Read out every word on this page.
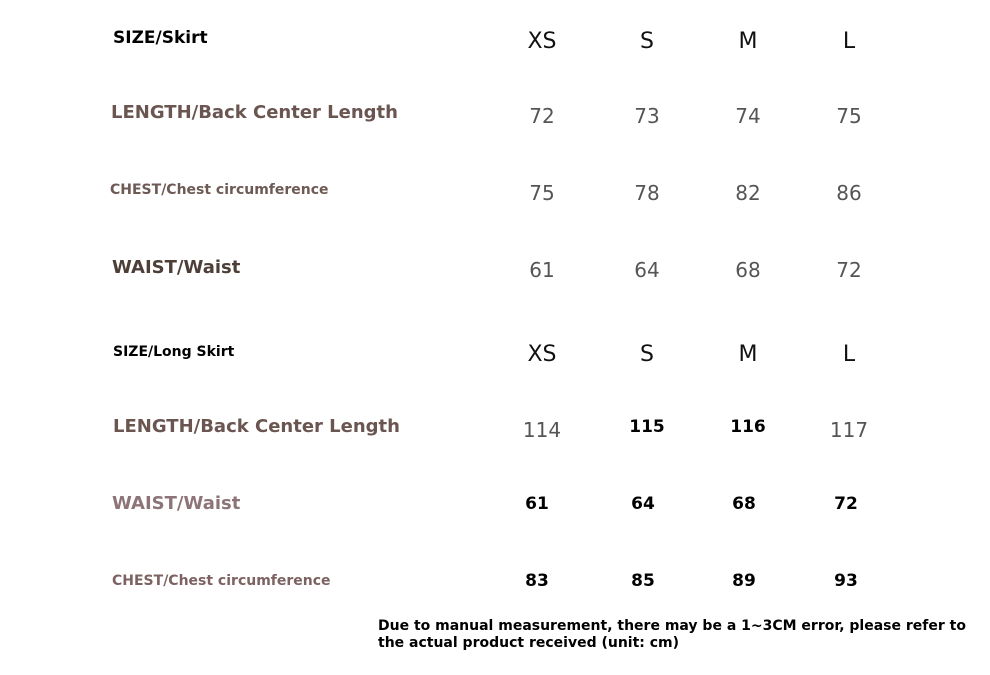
SIZE/Skirt	XS	S	M	L
LENGTH/Back Center Length	72	73	74	75
CHEST/Chest circumference	75	78	82	86
WAIST/Waist	61	64	68	72
SIZE/Long Skirt	XS	S	M	L
LENGTH/Back Center Length	114	115	116	117
WAIST/Waist	61	64	68	72
CHEST/Chest circumference	83	85	89	93
Due to manual measurement, there may be a 1~3CM error, please refer to the actual product received (unit: cm)
